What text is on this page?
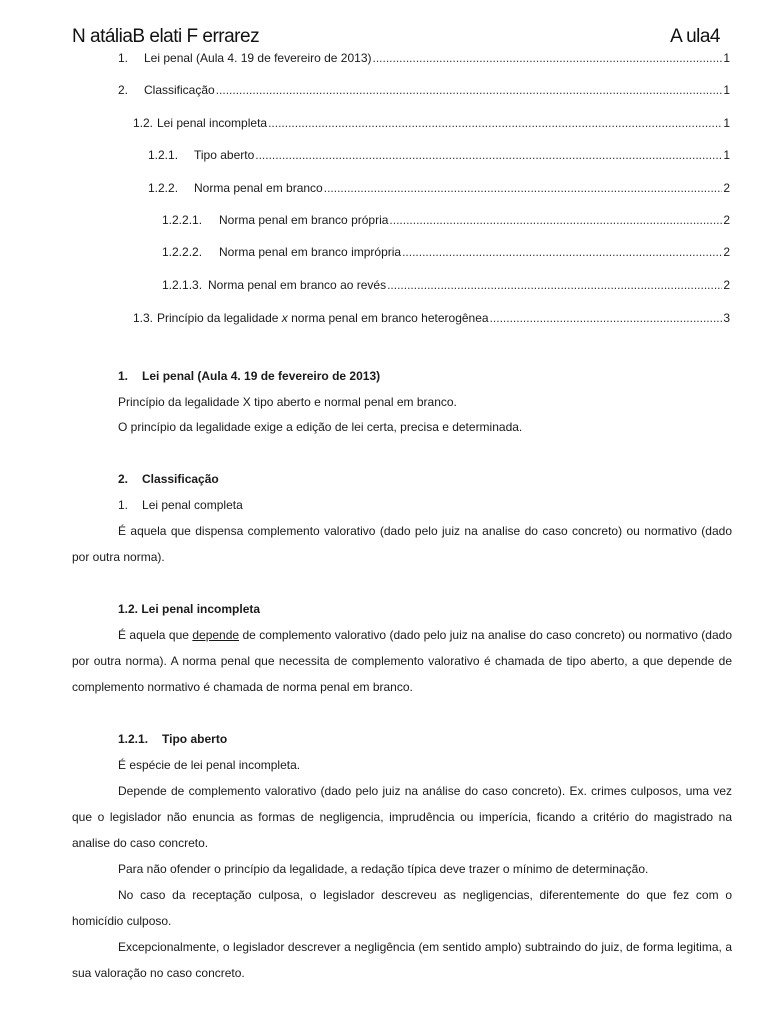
N atáliaB elati F errarez	A ula4
1.	Lei penal (Aula 4. 19 de fevereiro de 2013) .....	1
2.	Classificação .....	1
1.2. Lei penal incompleta .....	1
1.2.1.	Tipo aberto .....	1
1.2.2.	Norma penal em branco .....	2
1.2.2.1.	Norma penal em branco própria .....	2
1.2.2.2.	Norma penal em branco imprópria .....	2
1.2.1.3. Norma penal em branco ao revés .....	2
1.3. Princípio da legalidade x norma penal em branco heterogênea .....	3
1. Lei penal (Aula 4. 19 de fevereiro de 2013)
Princípio da legalidade X tipo aberto e normal penal em branco.
O princípio da legalidade exige a edição de lei certa, precisa e determinada.
2. Classificação
1. Lei penal completa
É aquela que dispensa complemento valorativo (dado pelo juiz na analise do caso concreto) ou normativo (dado por outra norma).
1.2. Lei penal incompleta
É aquela que depende de complemento valorativo (dado pelo juiz na analise do caso concreto) ou normativo (dado por outra norma). A norma penal que necessita de complemento valorativo é chamada de tipo aberto, a que depende de complemento normativo é chamada de norma penal em branco.
1.2.1. Tipo aberto
É espécie de lei penal incompleta.
Depende de complemento valorativo (dado pelo juiz na análise do caso concreto). Ex. crimes culposos, uma vez que o legislador não enuncia as formas de negligencia, imprudência ou imperícia, ficando a critério do magistrado na analise do caso concreto.
Para não ofender o princípio da legalidade, a redação típica deve trazer o mínimo de determinação.
No caso da receptação culposa, o legislador descreveu as negligencias, diferentemente do que fez com o homicídio culposo.
Excepcionalmente, o legislador descrever a negligência (em sentido amplo) subtraindo do juiz, de forma legitima, a sua valoração no caso concreto.
